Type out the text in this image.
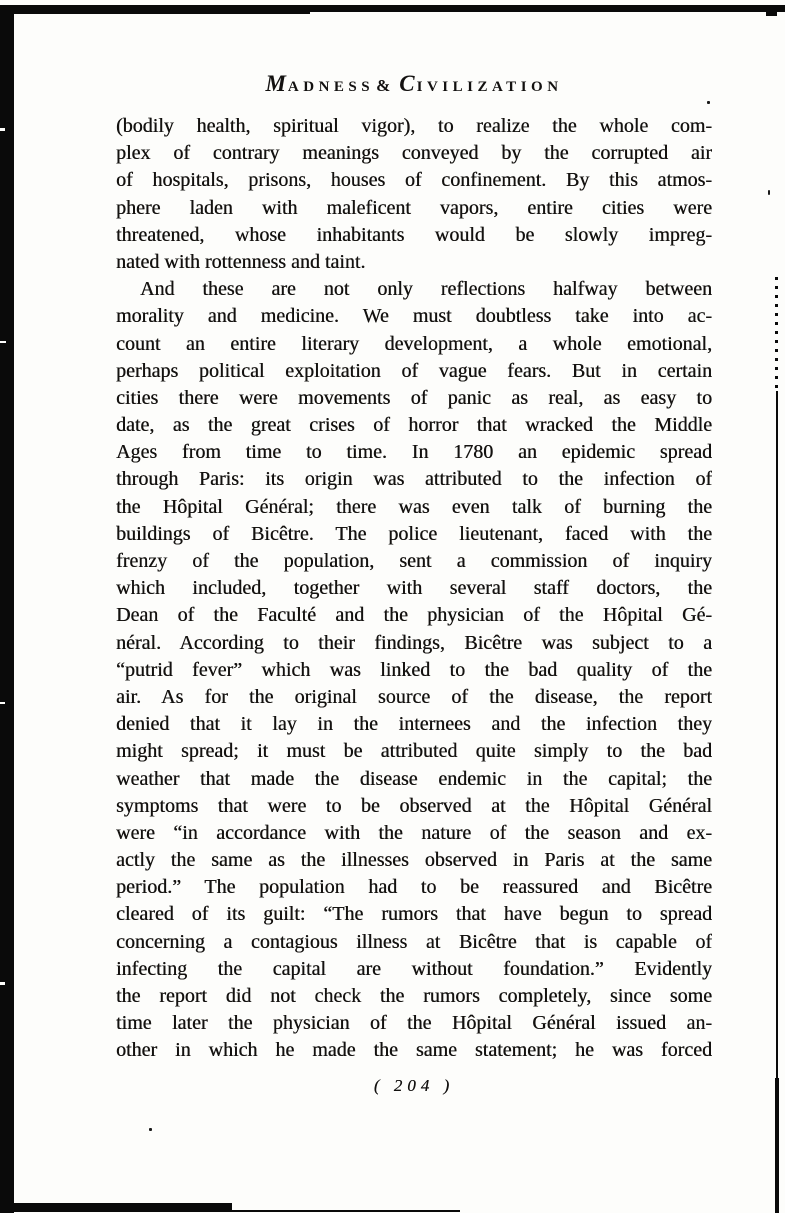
MADNESS & CIVILIZATION
(bodily health, spiritual vigor), to realize the whole com-
plex of contrary meanings conveyed by the corrupted air
of hospitals, prisons, houses of confinement. By this atmos-
phere laden with maleficent vapors, entire cities were
threatened, whose inhabitants would be slowly impreg-
nated with rottenness and taint.
And these are not only reflections halfway between
morality and medicine. We must doubtless take into ac-
count an entire literary development, a whole emotional,
perhaps political exploitation of vague fears. But in certain
cities there were movements of panic as real, as easy to
date, as the great crises of horror that wracked the Middle
Ages from time to time. In 1780 an epidemic spread
through Paris: its origin was attributed to the infection of
the Hôpital Général; there was even talk of burning the
buildings of Bicêtre. The police lieutenant, faced with the
frenzy of the population, sent a commission of inquiry
which included, together with several staff doctors, the
Dean of the Faculté and the physician of the Hôpital Gé-
néral. According to their findings, Bicêtre was subject to a
“putrid fever” which was linked to the bad quality of the
air. As for the original source of the disease, the report
denied that it lay in the internees and the infection they
might spread; it must be attributed quite simply to the bad
weather that made the disease endemic in the capital; the
symptoms that were to be observed at the Hôpital Général
were “in accordance with the nature of the season and ex-
actly the same as the illnesses observed in Paris at the same
period.” The population had to be reassured and Bicêtre
cleared of its guilt: “The rumors that have begun to spread
concerning a contagious illness at Bicêtre that is capable of
infecting the capital are without foundation.” Evidently
the report did not check the rumors completely, since some
time later the physician of the Hôpital Général issued an-
other in which he made the same statement; he was forced
( 204 )
